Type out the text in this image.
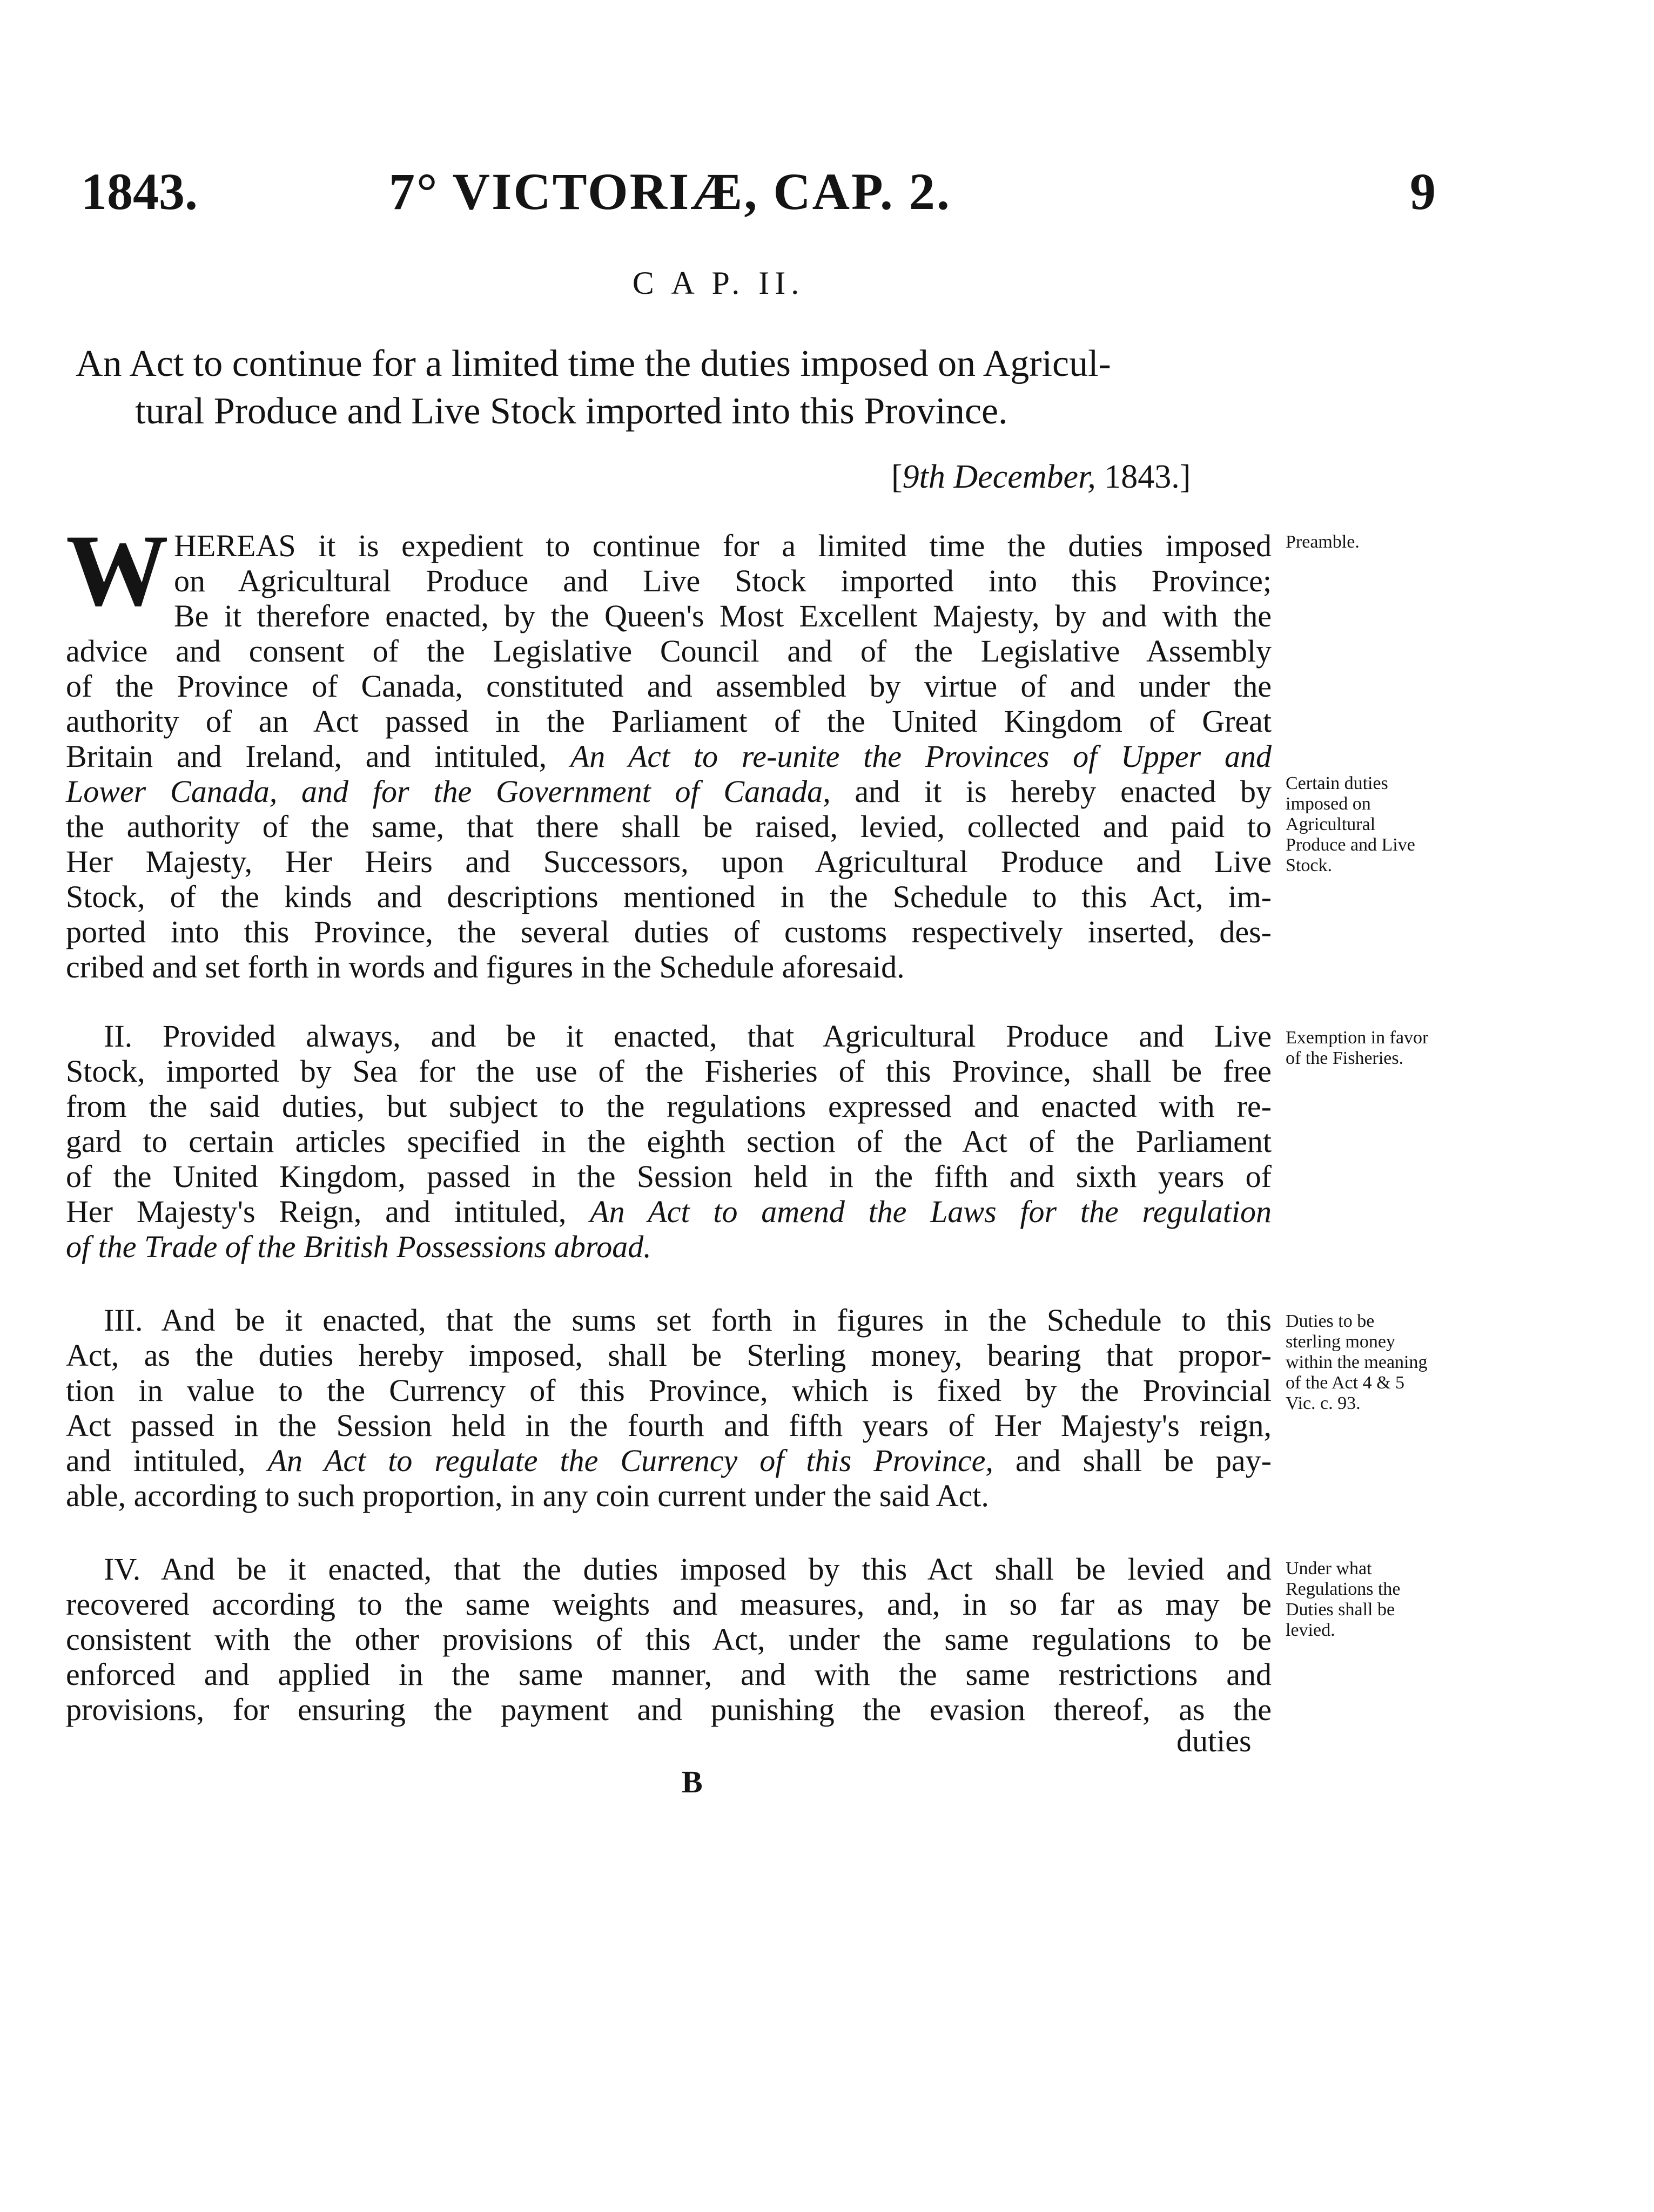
1843.	7° VICTORIÆ, CAP. 2.	9
C A P. II.
An Act to continue for a limited time the duties imposed on Agricul-
tural Produce and Live Stock imported into this Province.
[9th December, 1843.]
W HEREAS it is expedient to continue for a limited time the duties imposed
on Agricultural Produce and Live Stock imported into this Province;
Be it therefore enacted, by the Queen's Most Excellent Majesty, by and with the
advice and consent of the Legislative Council and of the Legislative Assembly
of the Province of Canada, constituted and assembled by virtue of and under the
authority of an Act passed in the Parliament of the United Kingdom of Great
Britain and Ireland, and intituled, An Act to re-unite the Provinces of Upper and
Lower Canada, and for the Government of Canada, and it is hereby enacted by
the authority of the same, that there shall be raised, levied, collected and paid to
Her Majesty, Her Heirs and Successors, upon Agricultural Produce and Live
Stock, of the kinds and descriptions mentioned in the Schedule to this Act, im-
ported into this Province, the several duties of customs respectively inserted, des-
cribed and set forth in words and figures in the Schedule aforesaid.
II. Provided always, and be it enacted, that Agricultural Produce and Live
Stock, imported by Sea for the use of the Fisheries of this Province, shall be free
from the said duties, but subject to the regulations expressed and enacted with re-
gard to certain articles specified in the eighth section of the Act of the Parliament
of the United Kingdom, passed in the Session held in the fifth and sixth years of
Her Majesty's Reign, and intituled, An Act to amend the Laws for the regulation
of the Trade of the British Possessions abroad.
III. And be it enacted, that the sums set forth in figures in the Schedule to this
Act, as the duties hereby imposed, shall be Sterling money, bearing that propor-
tion in value to the Currency of this Province, which is fixed by the Provincial
Act passed in the Session held in the fourth and fifth years of Her Majesty's reign,
and intituled, An Act to regulate the Currency of this Province, and shall be pay-
able, according to such proportion, in any coin current under the said Act.
IV. And be it enacted, that the duties imposed by this Act shall be levied and
recovered according to the same weights and measures, and, in so far as may be
consistent with the other provisions of this Act, under the same regulations to be
enforced and applied in the same manner, and with the same restrictions and
provisions, for ensuring the payment and punishing the evasion thereof, as the
duties
B
Preamble.
Certain duties imposed on Agricultural Produce and Live Stock.
Exemption in favor of the Fisheries.
Duties to be sterling money within the meaning of the Act 4 & 5 Vic. c. 93.
Under what Regulations the Duties shall be levied.
